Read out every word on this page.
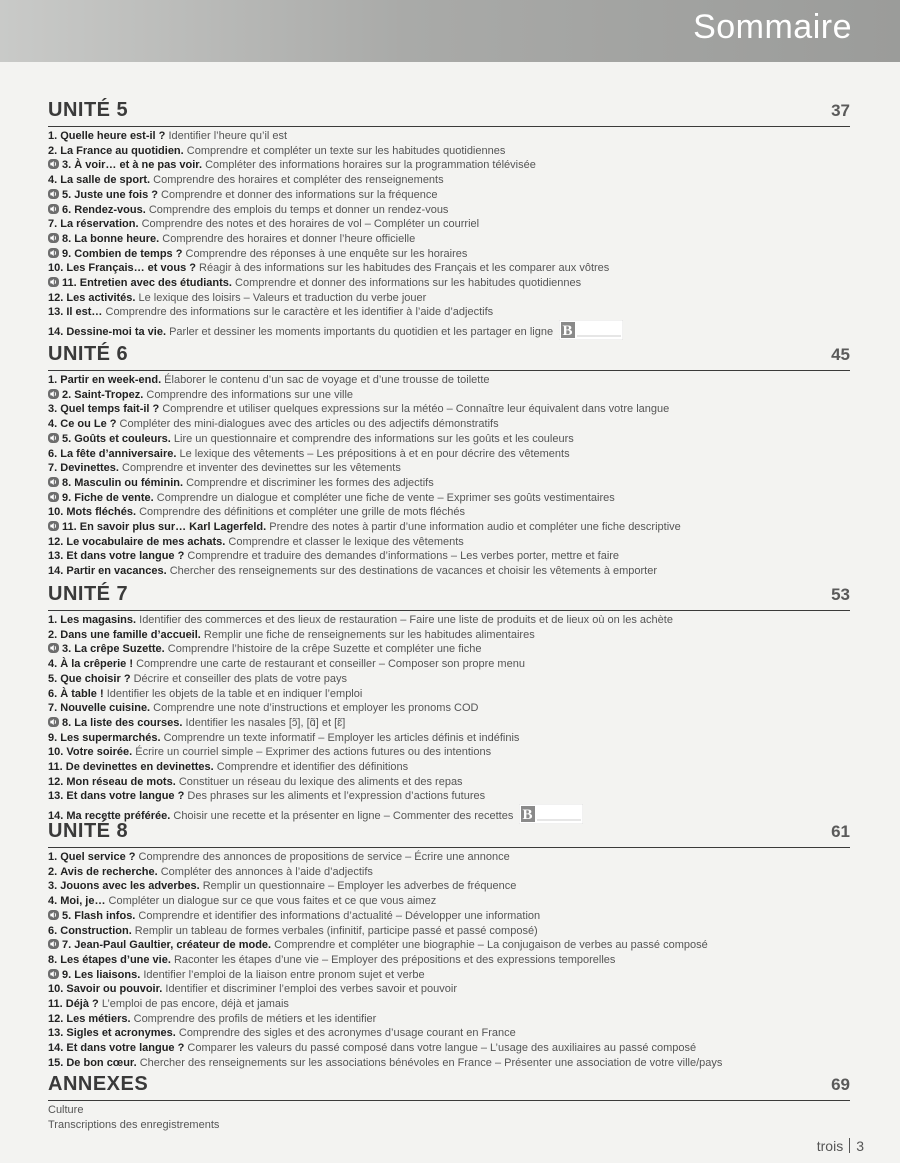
Sommaire
UNITÉ 5	37
1. Quelle heure est-il ? Identifier l’heure qu’il est
2. La France au quotidien. Comprendre et compléter un texte sur les habitudes quotidiennes
3. À voir… et à ne pas voir. Compléter des informations horaires sur la programmation télévisée
4. La salle de sport. Comprendre des horaires et compléter des renseignements
5. Juste une fois ? Comprendre et donner des informations sur la fréquence
6. Rendez-vous. Comprendre des emplois du temps et donner un rendez-vous
7. La réservation. Comprendre des notes et des horaires de vol – Compléter un courriel
8. La bonne heure. Comprendre des horaires et donner l’heure officielle
9. Combien de temps ? Comprendre des réponses à une enquête sur les horaires
10. Les Français… et vous ? Réagir à des informations sur les habitudes des Français et les comparer aux vôtres
11. Entretien avec des étudiants. Comprendre et donner des informations sur les habitudes quotidiennes
12. Les activités. Le lexique des loisirs – Valeurs et traduction du verbe jouer
13. Il est… Comprendre des informations sur le caractère et les identifier à l’aide d’adjectifs
14. Dessine-moi ta vie. Parler et dessiner les moments importants du quotidien et les partager en ligne B
UNITÉ 6	45
1. Partir en week-end. Élaborer le contenu d’un sac de voyage et d’une trousse de toilette
2. Saint-Tropez. Comprendre des informations sur une ville
3. Quel temps fait-il ? Comprendre et utiliser quelques expressions sur la météo – Connaître leur équivalent dans votre langue
4. Ce ou Le ? Compléter des mini-dialogues avec des articles ou des adjectifs démonstratifs
5. Goûts et couleurs. Lire un questionnaire et comprendre des informations sur les goûts et les couleurs
6. La fête d’anniversaire. Le lexique des vêtements – Les prépositions à et en pour décrire des vêtements
7. Devinettes. Comprendre et inventer des devinettes sur les vêtements
8. Masculin ou féminin. Comprendre et discriminer les formes des adjectifs
9. Fiche de vente. Comprendre un dialogue et compléter une fiche de vente – Exprimer ses goûts vestimentaires
10. Mots fléchés. Comprendre des définitions et compléter une grille de mots fléchés
11. En savoir plus sur… Karl Lagerfeld. Prendre des notes à partir d’une information audio et compléter une fiche descriptive
12. Le vocabulaire de mes achats. Comprendre et classer le lexique des vêtements
13. Et dans votre langue ? Comprendre et traduire des demandes d’informations – Les verbes porter, mettre et faire
14. Partir en vacances. Chercher des renseignements sur des destinations de vacances et choisir les vêtements à emporter
UNITÉ 7	53
1. Les magasins. Identifier des commerces et des lieux de restauration – Faire une liste de produits et de lieux où on les achète
2. Dans une famille d’accueil. Remplir une fiche de renseignements sur les habitudes alimentaires
3. La crêpe Suzette. Comprendre l’histoire de la crêpe Suzette et compléter une fiche
4. À la crêperie ! Comprendre une carte de restaurant et conseiller – Composer son propre menu
5. Que choisir ? Décrire et conseiller des plats de votre pays
6. À table ! Identifier les objets de la table et en indiquer l’emploi
7. Nouvelle cuisine. Comprendre une note d’instructions et employer les pronoms COD
8. La liste des courses. Identifier les nasales [ɔ̃], [ɑ̃] et [ɛ̃]
9. Les supermarchés. Comprendre un texte informatif – Employer les articles définis et indéfinis
10. Votre soirée. Écrire un courriel simple – Exprimer des actions futures ou des intentions
11. De devinettes en devinettes. Comprendre et identifier des définitions
12. Mon réseau de mots. Constituer un réseau du lexique des aliments et des repas
13. Et dans votre langue ? Des phrases sur les aliments et l’expression d’actions futures
14. Ma recette préférée. Choisir une recette et la présenter en ligne – Commenter des recettes B
UNITÉ 8	61
1. Quel service ? Comprendre des annonces de propositions de service – Écrire une annonce
2. Avis de recherche. Compléter des annonces à l’aide d’adjectifs
3. Jouons avec les adverbes. Remplir un questionnaire – Employer les adverbes de fréquence
4. Moi, je… Compléter un dialogue sur ce que vous faites et ce que vous aimez
5. Flash infos. Comprendre et identifier des informations d’actualité – Développer une information
6. Construction. Remplir un tableau de formes verbales (infinitif, participe passé et passé composé)
7. Jean-Paul Gaultier, créateur de mode. Comprendre et compléter une biographie – La conjugaison de verbes au passé composé
8. Les étapes d’une vie. Raconter les étapes d’une vie – Employer des prépositions et des expressions temporelles
9. Les liaisons. Identifier l’emploi de la liaison entre pronom sujet et verbe
10. Savoir ou pouvoir. Identifier et discriminer l’emploi des verbes savoir et pouvoir
11. Déjà ? L’emploi de pas encore, déjà et jamais
12. Les métiers. Comprendre des profils de métiers et les identifier
13. Sigles et acronymes. Comprendre des sigles et des acronymes d’usage courant en France
14. Et dans votre langue ? Comparer les valeurs du passé composé dans votre langue – L’usage des auxiliaires au passé composé
15. De bon cœur. Chercher des renseignements sur les associations bénévoles en France – Présenter une association de votre ville/pays
ANNEXES	69
Culture
Transcriptions des enregistrements
trois 3
